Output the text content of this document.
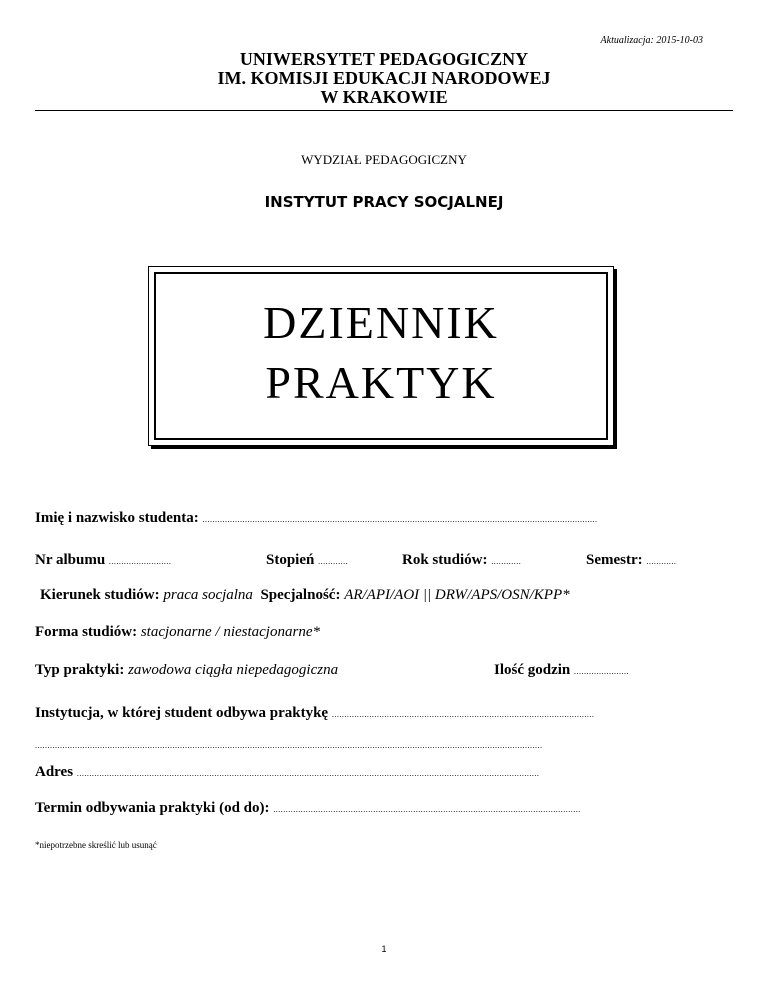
Aktualizacja: 2015-10-03
UNIWERSYTET PEDAGOGICZNY
IM. KOMISJI EDUKACJI NARODOWEJ
W KRAKOWIE
WYDZIAŁ PEDAGOGICZNY
INSTYTUT PRACY SOCJALNEJ
DZIENNIK
PRAKTYK
Imię i nazwisko studenta: ..............................................................................................................................................................
Nr albumu .........................	Stopień ............	Rok studiów: ............	Semestr: ............
Kierunek studiów: praca socjalna Specjalność: AR/API/AOI || DRW/APS/OSN/KPP*
Forma studiów: stacjonarne / niestacjonarne*
Typ praktyki: zawodowa ciągła niepedagogiczna	Ilość godzin ......................
Instytucja, w której student odbywa praktykę .........................................................................................................
...........................................................................................................................................................................................................
Adres .........................................................................................................................................................................................
Termin odbywania praktyki (od do): ...........................................................................................................................
*niepotrzebne skreślić lub usunąć
1
